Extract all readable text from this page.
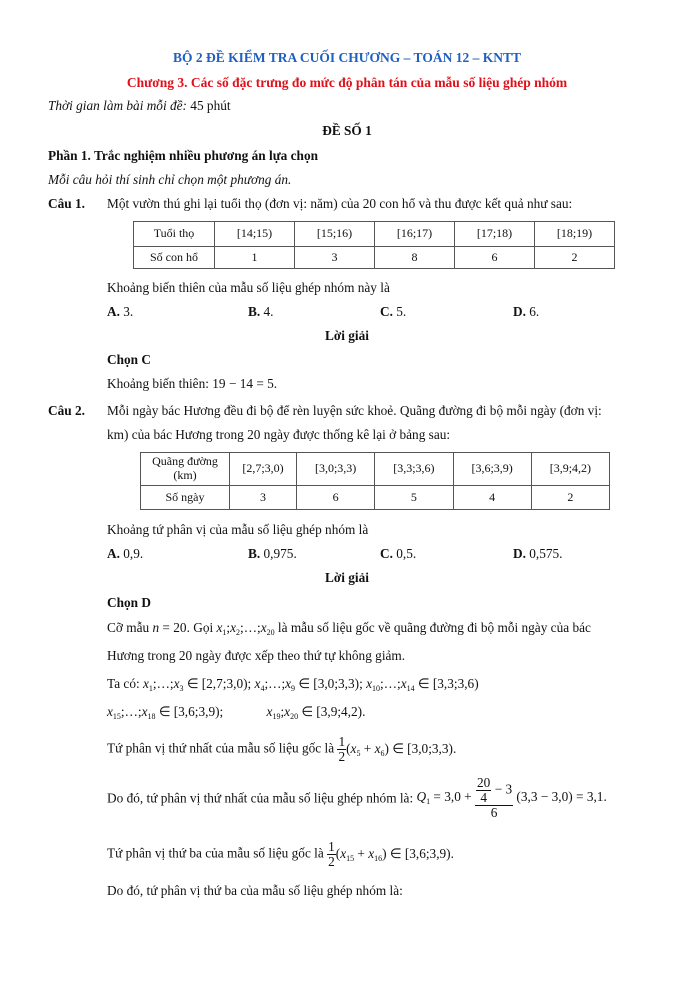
BỘ 2 ĐỀ KIỂM TRA CUỐI CHƯƠNG – TOÁN 12 – KNTT
Chương 3. Các số đặc trưng đo mức độ phân tán của mẫu số liệu ghép nhóm
Thời gian làm bài mỗi đề: 45 phút
ĐỀ SỐ 1
Phần 1. Trắc nghiệm nhiều phương án lựa chọn
Mỗi câu hỏi thí sinh chỉ chọn một phương án.
Câu 1. Một vườn thú ghi lại tuổi thọ (đơn vị: năm) của 20 con hổ và thu được kết quả như sau:
Tuổi thọ	[14;15)	[15;16)	[16;17)	[17;18)	[18;19)
Số con hổ	1	3	8	6	2
Khoảng biến thiên của mẫu số liệu ghép nhóm này là
A. 3.	B. 4.	C. 5.	D. 6.
Lời giải
Chọn C
Khoảng biến thiên: 19 − 14 = 5.
Câu 2. Mỗi ngày bác Hương đều đi bộ để rèn luyện sức khoẻ. Quãng đường đi bộ mỗi ngày (đơn vị:
km) của bác Hương trong 20 ngày được thống kê lại ở bảng sau:
Quãng đường
(km)	[2,7;3,0)	[3,0;3,3)	[3,3;3,6)	[3,6;3,9)	[3,9;4,2)
Số ngày	3	6	5	4	2
Khoảng tứ phân vị của mẫu số liệu ghép nhóm là
A. 0,9.	B. 0,975.	C. 0,5.	D. 0,575.
Lời giải
Chọn D
Cỡ mẫu n = 20. Gọi $x_1;x_2;\dots;x_{20}$ là mẫu số liệu gốc về quãng đường đi bộ mỗi ngày của bác
Hương trong 20 ngày được xếp theo thứ tự không giảm.
Ta có: $x_1;\dots;x_3$ ∈ [2,7;3,0); $x_4;\dots;x_9$ ∈ [3,0;3,3); $x_{10};\dots;x_{14}$ ∈ [3,3;3,6)
$x_{15};\dots;x_{18}$ ∈ [3,6;3,9);	$x_{19};x_{20}$ ∈ [3,9;4,2).
Tứ phân vị thứ nhất của mẫu số liệu gốc là $\frac{1}{2} (x_5 + x_6)$ ∈ [3,0;3,3).
Do đó, tứ phân vị thứ nhất của mẫu số liệu ghép nhóm là: $Q_1 = 3,0 + \frac{\frac{20}{4} - 3}{6} (3,3 - 3,0) = 3,1$.
Tứ phân vị thứ ba của mẫu số liệu gốc là $\frac{1}{2} (x_{15} + x_{16})$ ∈ [3,6;3,9).
Do đó, tứ phân vị thứ ba của mẫu số liệu ghép nhóm là:
